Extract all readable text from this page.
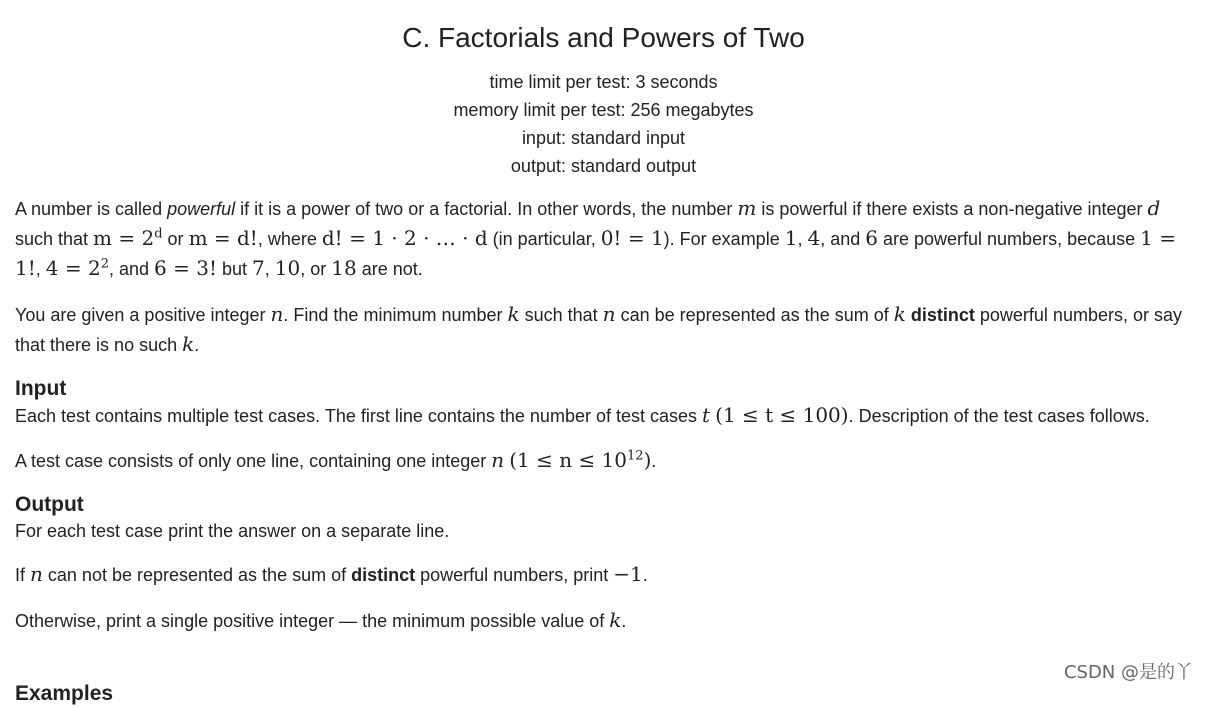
C. Factorials and Powers of Two
time limit per test: 3 seconds
memory limit per test: 256 megabytes
input: standard input
output: standard output

A number is called powerful if it is a power of two or a factorial. In other words, the number m is powerful if there exists a non-negative integer d such that $m = 2^d$ or m = d!, where d! = 1 · 2 · … · d (in particular, 0! = 1). For example 1, 4, and 6 are powerful numbers, because 1 = 1!, $4 = 2^2$, and 6 = 3! but 7, 10, or 18 are not.

You are given a positive integer n. Find the minimum number k such that n can be represented as the sum of k distinct powerful numbers, or say that there is no such k.

Input

Each test contains multiple test cases. The first line contains the number of test cases t (1 ≤ t ≤ 100). Description of the test cases follows.

A test case consists of only one line, containing one integer n $(1 \le n \le 10^{12})$.

Output

For each test case print the answer on a separate line.

If n can not be represented as the sum of distinct powerful numbers, print −1.

Otherwise, print a single positive integer — the minimum possible value of k.

Examples
CSDN @是的丫
